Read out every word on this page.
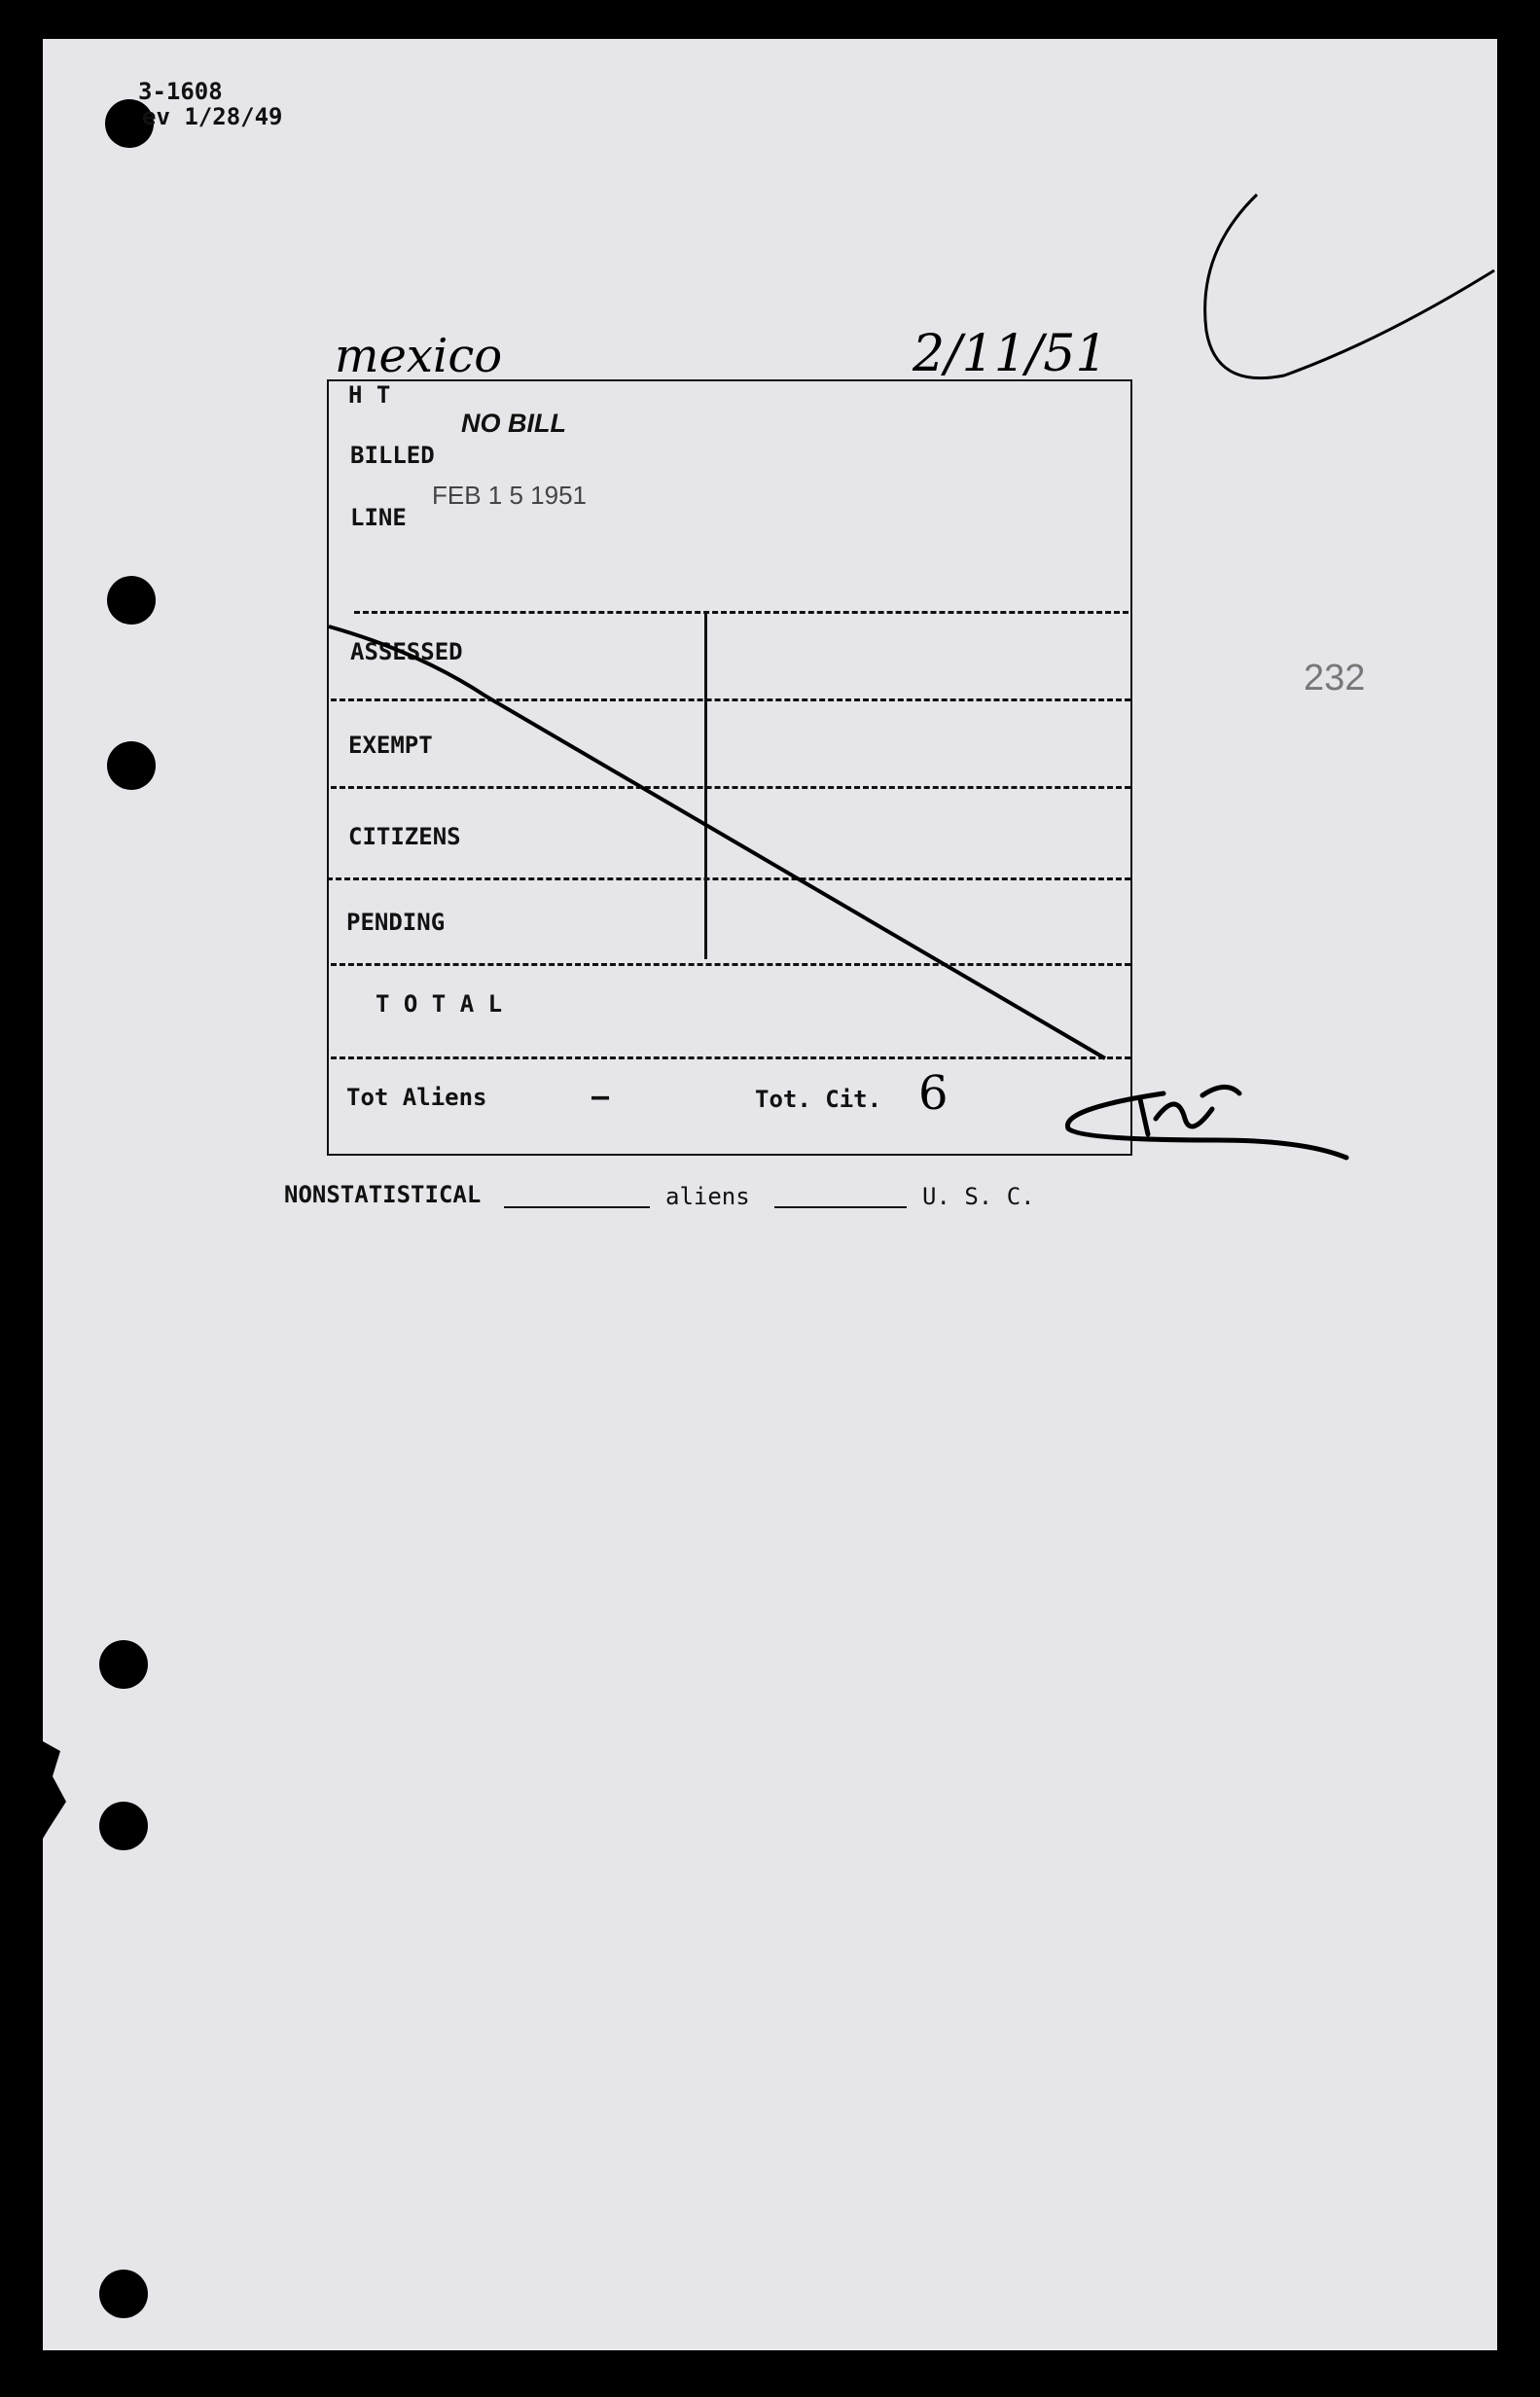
3-1608
ev 1/28/49
mexico	2/11/51
232
H T
NO BILL
BILLED
FEB 1 5 1951
LINE
ASSESSED
EXEMPT
CITIZENS
PENDING
T O T A L
Tot Aliens	—	Tot. Cit. 6
NONSTATISTICAL	aliens	U. S. C.
